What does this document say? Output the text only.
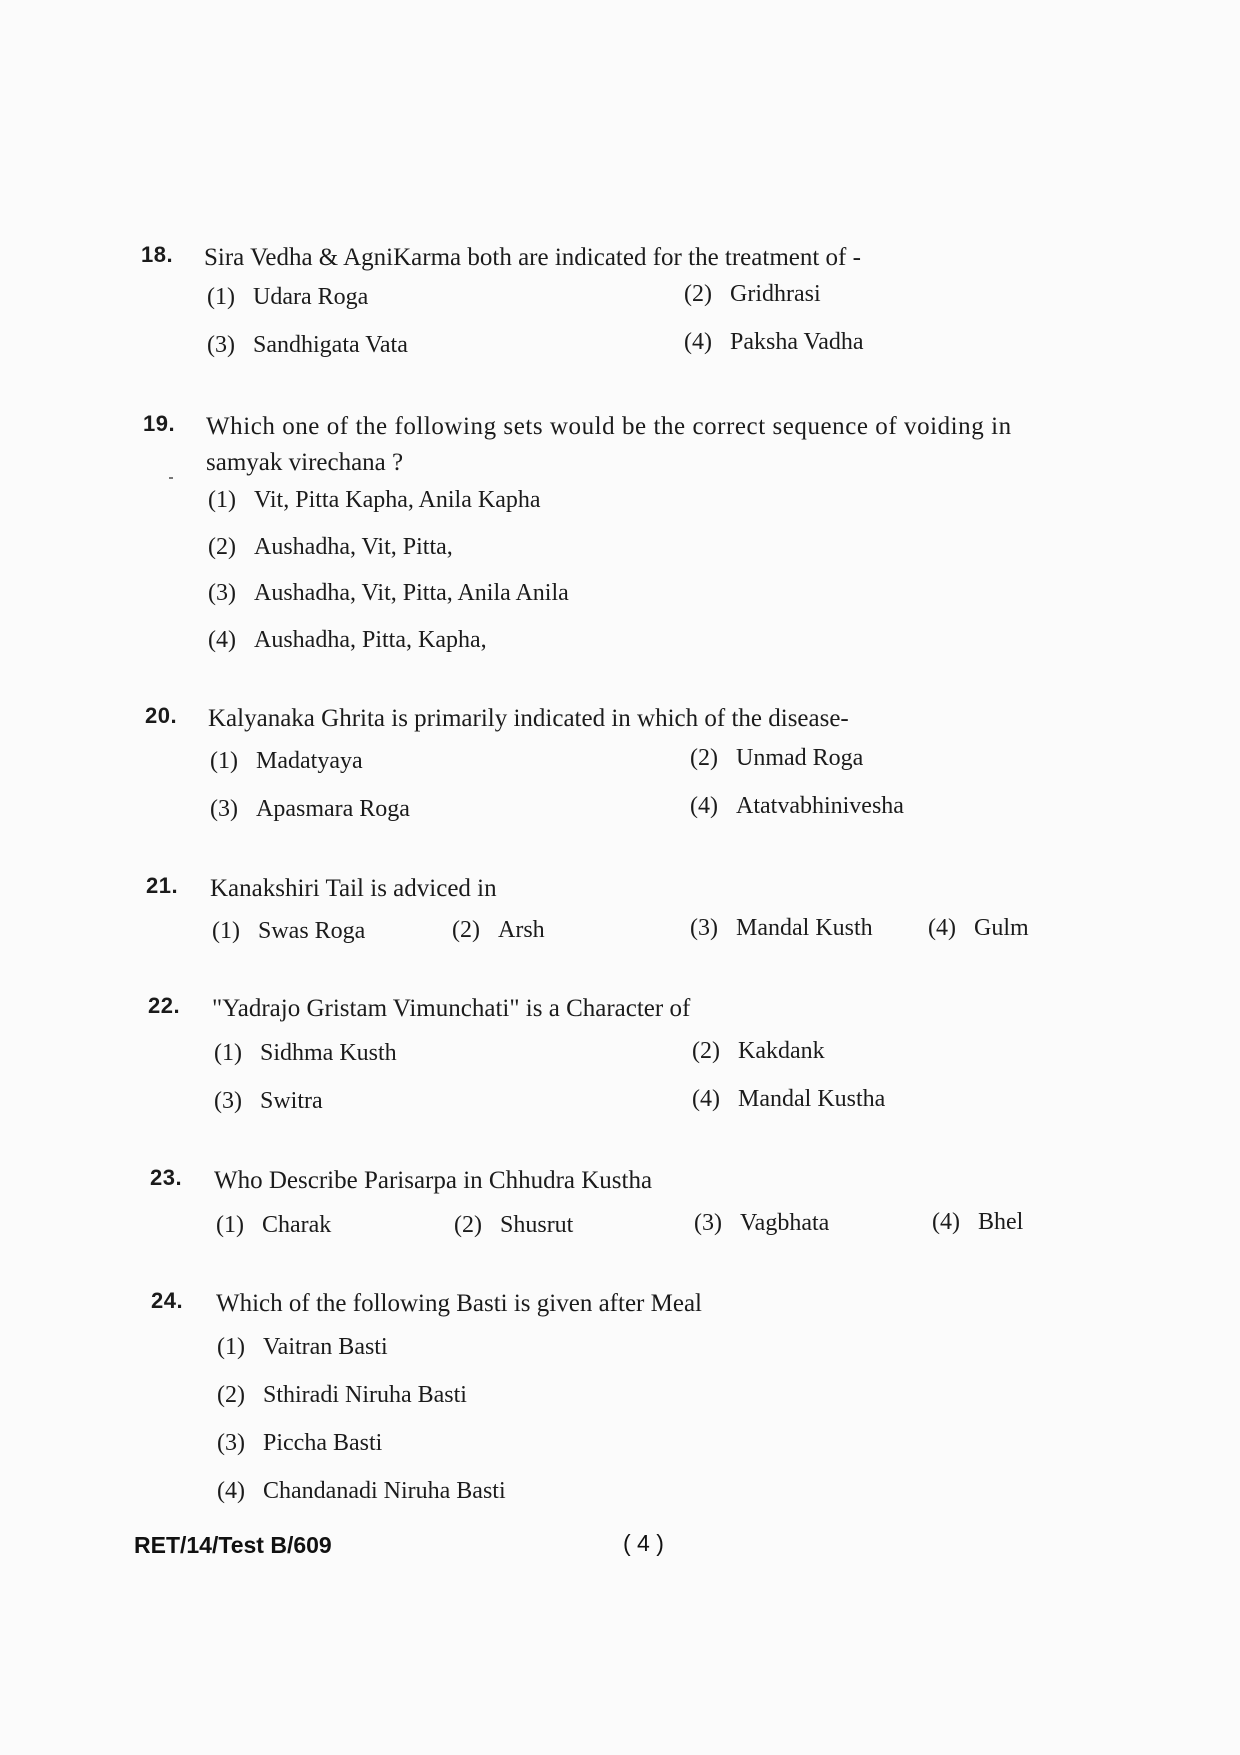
18. Sira Vedha & AgniKarma both are indicated for the treatment of -
(1) Udara Roga	(2) Gridhrasi
(3) Sandhigata Vata	(4) Paksha Vadha
19. Which one of the following sets would be the correct sequence of voiding in
samyak virechana ?
(1) Vit, Pitta Kapha, Anila Kapha
(2) Aushadha, Vit, Pitta,
(3) Aushadha, Vit, Pitta, Anila Anila
(4) Aushadha, Pitta, Kapha,
20. Kalyanaka Ghrita is primarily indicated in which of the disease-
(1) Madatyaya	(2) Unmad Roga
(3) Apasmara Roga	(4) Atatvabhinivesha
21. Kanakshiri Tail is adviced in
(1) Swas Roga	(2) Arsh	(3) Mandal Kusth (4) Gulm
22. "Yadrajo Gristam Vimunchati" is a Character of
(1) Sidhma Kusth	(2) Kakdank
(3) Switra	(4) Mandal Kustha
23. Who Describe Parisarpa in Chhudra Kustha
(1) Charak	(2) Shusrut	(3) Vagbhata	(4) Bhel
24. Which of the following Basti is given after Meal
(1) Vaitran Basti
(2) Sthiradi Niruha Basti
(3) Piccha Basti
(4) Chandanadi Niruha Basti
RET/14/Test B/609	( 4 )
